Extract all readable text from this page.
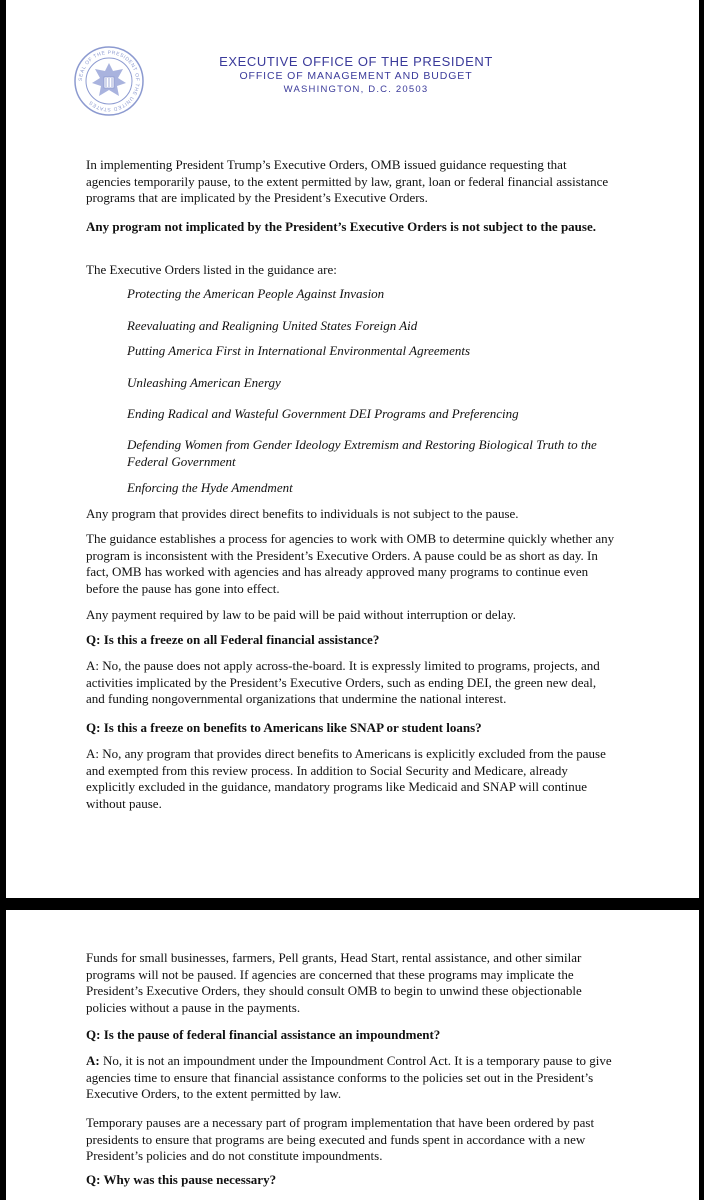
SEAL OF THE PRESIDENT OF THE UNITED STATES
EXECUTIVE OFFICE OF THE PRESIDENT
OFFICE OF MANAGEMENT AND BUDGET
WASHINGTON, D.C. 20503

In implementing President Trump’s Executive Orders, OMB issued guidance requesting that agencies temporarily pause, to the extent permitted by law, grant, loan or federal financial assistance programs that are implicated by the President’s Executive Orders.

Any program not implicated by the President’s Executive Orders is not subject to the pause.

The Executive Orders listed in the guidance are:

Protecting the American People Against Invasion

Reevaluating and Realigning United States Foreign Aid

Putting America First in International Environmental Agreements

Unleashing American Energy

Ending Radical and Wasteful Government DEI Programs and Preferencing

Defending Women from Gender Ideology Extremism and Restoring Biological Truth to the Federal Government

Enforcing the Hyde Amendment

Any program that provides direct benefits to individuals is not subject to the pause.

The guidance establishes a process for agencies to work with OMB to determine quickly whether any program is inconsistent with the President’s Executive Orders. A pause could be as short as day. In fact, OMB has worked with agencies and has already approved many programs to continue even before the pause has gone into effect.

Any payment required by law to be paid will be paid without interruption or delay.

Q: Is this a freeze on all Federal financial assistance?

A: No, the pause does not apply across-the-board. It is expressly limited to programs, projects, and activities implicated by the President’s Executive Orders, such as ending DEI, the green new deal, and funding nongovernmental organizations that undermine the national interest.

Q: Is this a freeze on benefits to Americans like SNAP or student loans?

A: No, any program that provides direct benefits to Americans is explicitly excluded from the pause and exempted from this review process. In addition to Social Security and Medicare, already explicitly excluded in the guidance, mandatory programs like Medicaid and SNAP will continue without pause.

Funds for small businesses, farmers, Pell grants, Head Start, rental assistance, and other similar programs will not be paused. If agencies are concerned that these programs may implicate the President’s Executive Orders, they should consult OMB to begin to unwind these objectionable policies without a pause in the payments.

Q: Is the pause of federal financial assistance an impoundment?

A: No, it is not an impoundment under the Impoundment Control Act. It is a temporary pause to give agencies time to ensure that financial assistance conforms to the policies set out in the President’s Executive Orders, to the extent permitted by law.

Temporary pauses are a necessary part of program implementation that have been ordered by past presidents to ensure that programs are being executed and funds spent in accordance with a new President’s policies and do not constitute impoundments.

Q: Why was this pause necessary?
